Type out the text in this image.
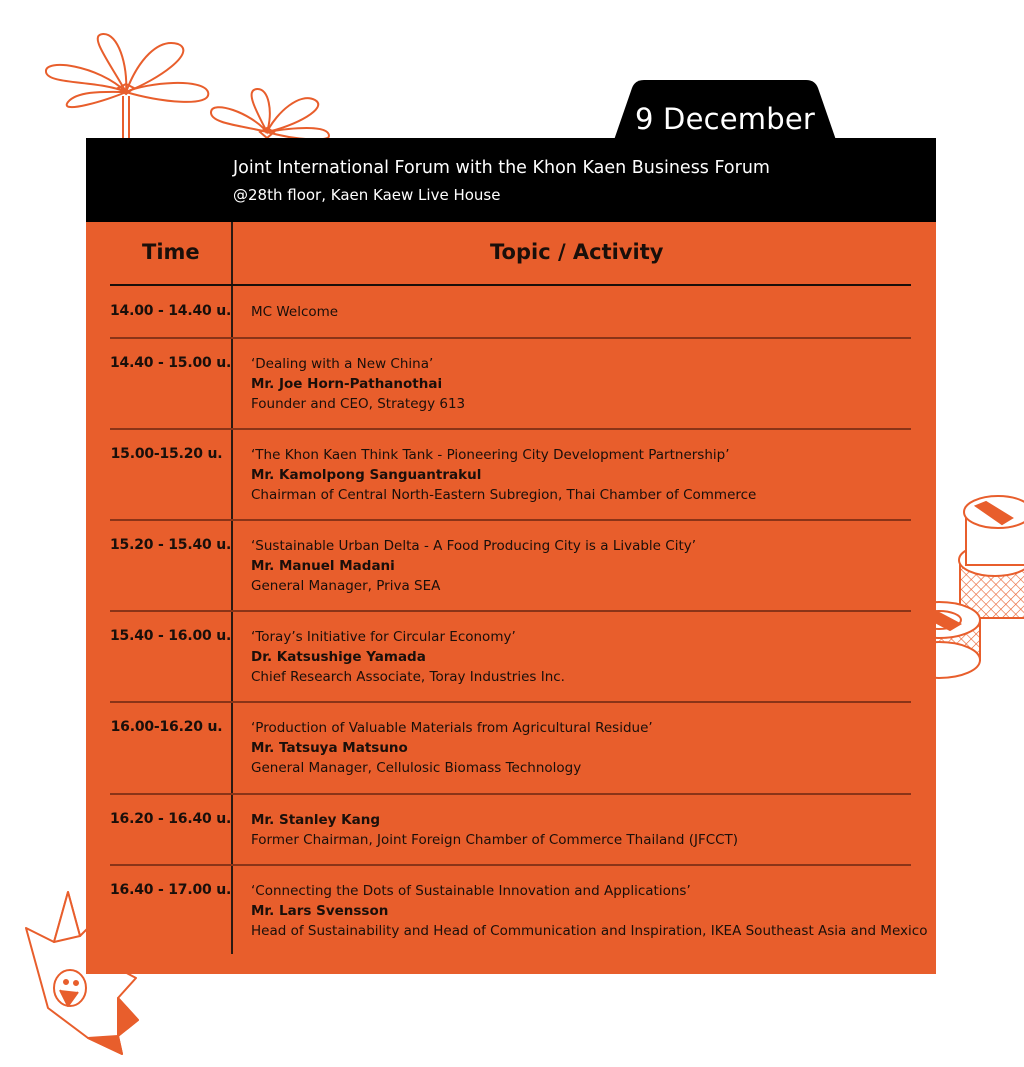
9 December
Joint International Forum with the Khon Kaen Business Forum
@28th floor, Kaen Kaew Live House
Time	Topic / Activity
14.00 - 14.40 u. MC Welcome
14.40 - 15.00 u. ‘Dealing with a New China’
Mr. Joe Horn-Pathanothai
Founder and CEO, Strategy 613
15.00-15.20 u. ‘The Khon Kaen Think Tank - Pioneering City Development Partnership’
Mr. Kamolpong Sanguantrakul
Chairman of Central North-Eastern Subregion, Thai Chamber of Commerce
15.20 - 15.40 u. ‘Sustainable Urban Delta - A Food Producing City is a Livable City’
Mr. Manuel Madani
General Manager, Priva SEA
15.40 - 16.00 u. ‘Toray’s Initiative for Circular Economy’
Dr. Katsushige Yamada
Chief Research Associate, Toray Industries Inc.
16.00-16.20 u. ‘Production of Valuable Materials from Agricultural Residue’
Mr. Tatsuya Matsuno
General Manager, Cellulosic Biomass Technology
16.20 - 16.40 u. Mr. Stanley Kang
Former Chairman, Joint Foreign Chamber of Commerce Thailand (JFCCT)
16.40 - 17.00 u. ‘Connecting the Dots of Sustainable Innovation and Applications’
Mr. Lars Svensson
Head of Sustainability and Head of Communication and Inspiration, IKEA Southeast Asia and Mexico
